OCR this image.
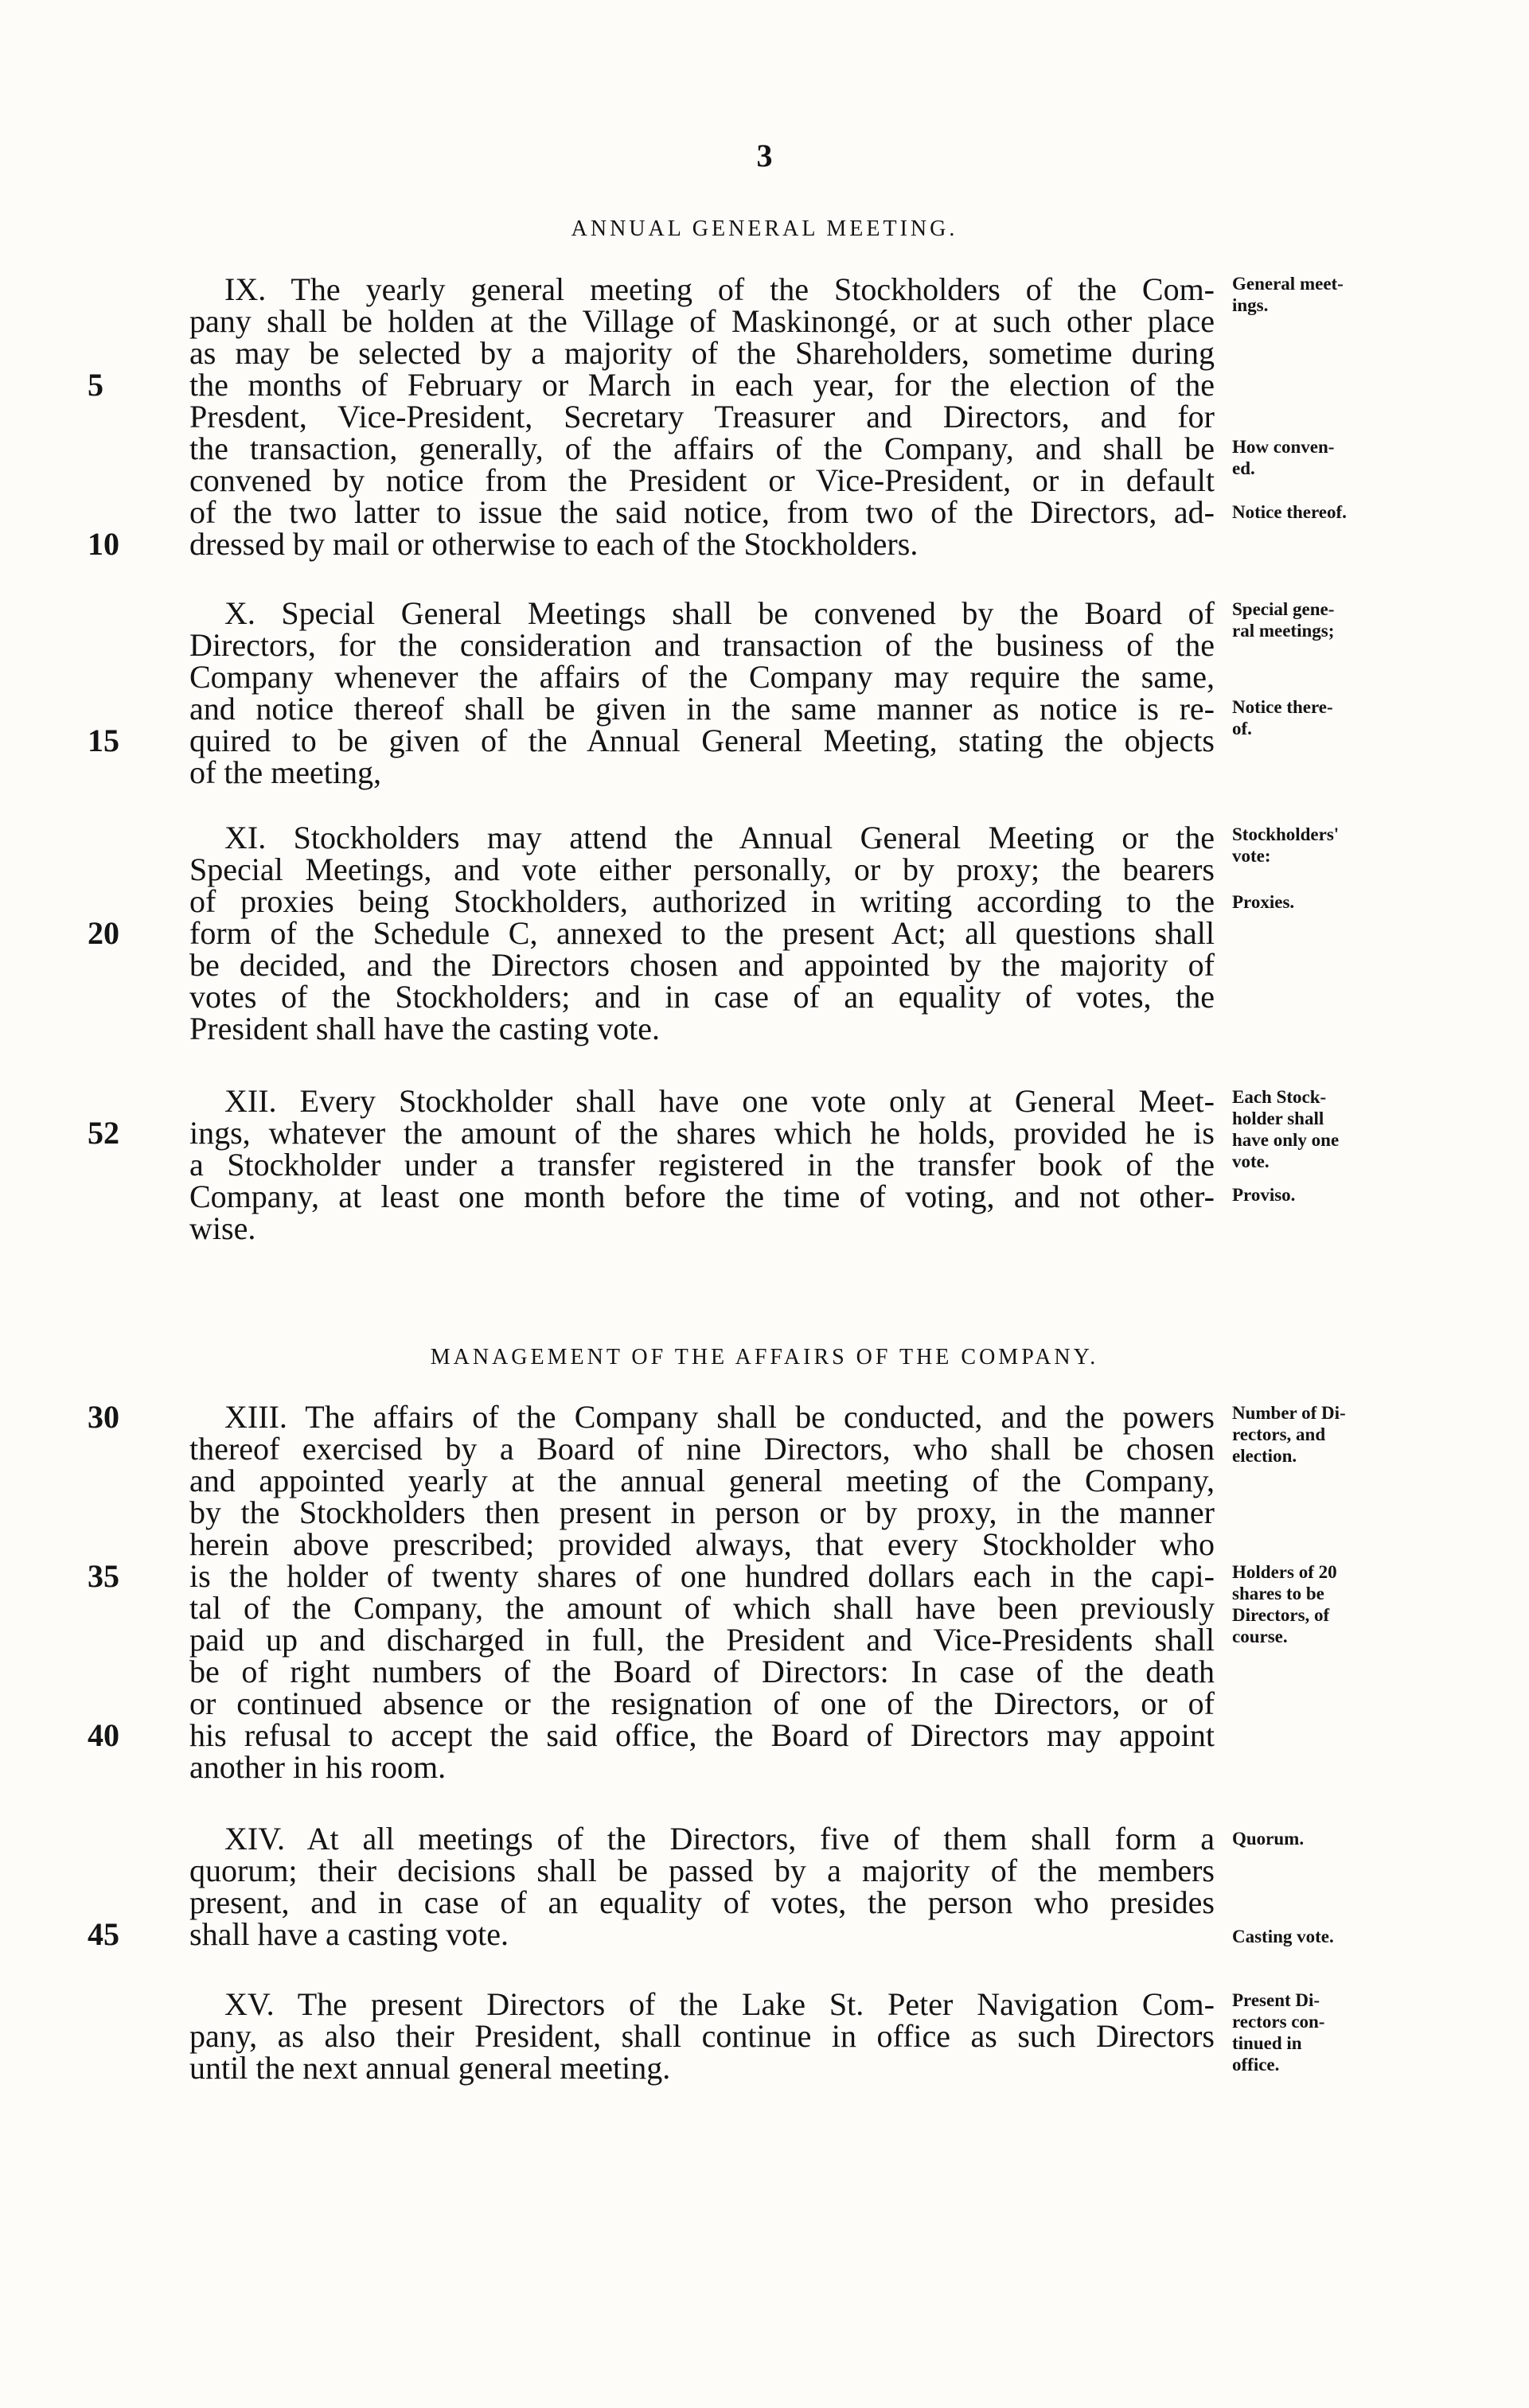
3
ANNUAL GENERAL MEETING.
MANAGEMENT OF THE AFFAIRS OF THE COMPANY.
IX. The yearly general meeting of the Stockholders of the Com-
pany shall be holden at the Village of Maskinongé, or at such other place
as may be selected by a majority of the Shareholders, sometime during
the months of February or March in each year, for the election of the
Presdent, Vice-President, Secretary Treasurer and Directors, and for
the transaction, generally, of the affairs of the Company, and shall be
convened by notice from the President or Vice-President, or in default
of the two latter to issue the said notice, from two of the Directors, ad-
dressed by mail or otherwise to each of the Stockholders.
5
10
General meet-
ings.
How conven-
ed.
Notice thereof.
X. Special General Meetings shall be convened by the Board of
Directors, for the consideration and transaction of the business of the
Company whenever the affairs of the Company may require the same,
and notice thereof shall be given in the same manner as notice is re-
quired to be given of the Annual General Meeting, stating the objects
of the meeting,
15
Special gene-
ral meetings;
Notice there-
of.
XI. Stockholders may attend the Annual General Meeting or the
Special Meetings, and vote either personally, or by proxy; the bearers
of proxies being Stockholders, authorized in writing according to the
form of the Schedule C, annexed to the present Act; all questions shall
be decided, and the Directors chosen and appointed by the majority of
votes of the Stockholders; and in case of an equality of votes, the
President shall have the casting vote.
20
Stockholders'
vote:
Proxies.
XII. Every Stockholder shall have one vote only at General Meet-
ings, whatever the amount of the shares which he holds, provided he is
a Stockholder under a transfer registered in the transfer book of the
Company, at least one month before the time of voting, and not other-
wise.
52
Each Stock-
holder shall
have only one
vote.
Proviso.
XIII. The affairs of the Company shall be conducted, and the powers
thereof exercised by a Board of nine Directors, who shall be chosen
and appointed yearly at the annual general meeting of the Company,
by the Stockholders then present in person or by proxy, in the manner
herein above prescribed; provided always, that every Stockholder who
is the holder of twenty shares of one hundred dollars each in the capi-
tal of the Company, the amount of which shall have been previously
paid up and discharged in full, the President and Vice-Presidents shall
be of right numbers of the Board of Directors: In case of the death
or continued absence or the resignation of one of the Directors, or of
his refusal to accept the said office, the Board of Directors may appoint
another in his room.
30
35
40
Number of Di-
rectors, and
election.
Holders of 20
shares to be
Directors, of
course.
XIV. At all meetings of the Directors, five of them shall form a
quorum; their decisions shall be passed by a majority of the members
present, and in case of an equality of votes, the person who presides
shall have a casting vote.
45
Quorum.
Casting vote.
XV. The present Directors of the Lake St. Peter Navigation Com-
pany, as also their President, shall continue in office as such Directors
until the next annual general meeting.
Present Di-
rectors con-
tinued in
office.
